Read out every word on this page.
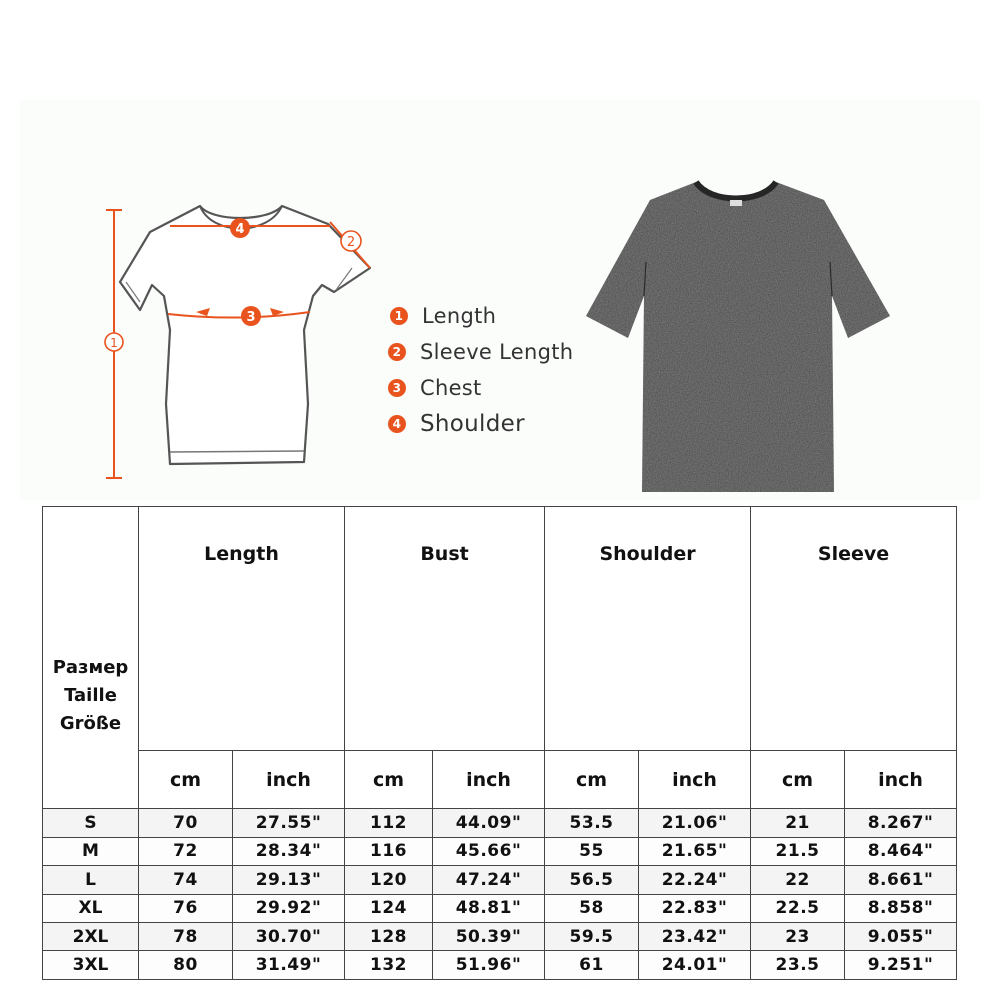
1
4
2
3	1 Length
2 Sleeve Length
3 Chest
4 Shoulder
Размер
Taille
Größe	Length		Bust		Shoulder		Sleeve	
	cm	inch	cm	inch	cm	inch	cm	inch
S	70	27.55"	112	44.09"	53.5	21.06"	21	8.267"
M	72	28.34"	116	45.66"	55	21.65"	21.5	8.464"
L	74	29.13"	120	47.24"	56.5	22.24"	22	8.661"
XL	76	29.92"	124	48.81"	58	22.83"	22.5	8.858"
2XL	78	30.70"	128	50.39"	59.5	23.42"	23	9.055"
3XL	80	31.49"	132	51.96"	61	24.01"	23.5	9.251"
